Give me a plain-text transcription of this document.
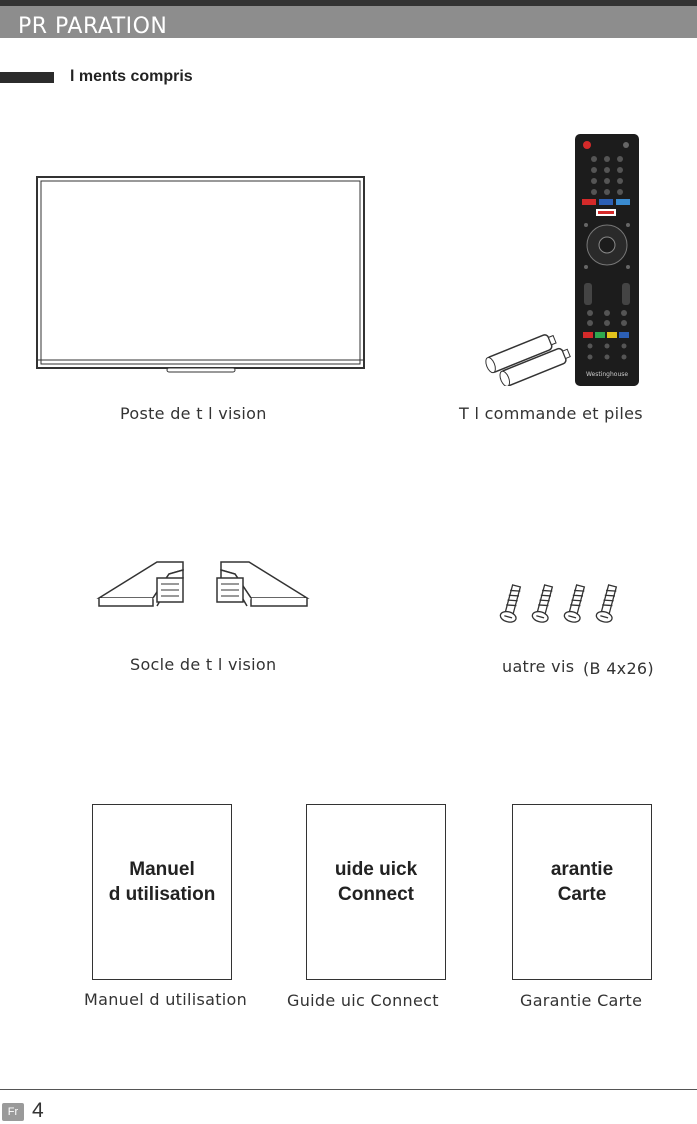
PR PARATION
l ments compris
Poste de t l vision
Westinghouse
T l commande et piles
Socle de t l vision	uatre vis (B 4x26)
Manuel
d utilisation
Manuel d utilisation
uide uick
Connect
Guide uic Connect
arantie
Carte
Garantie Carte
Fr 4
